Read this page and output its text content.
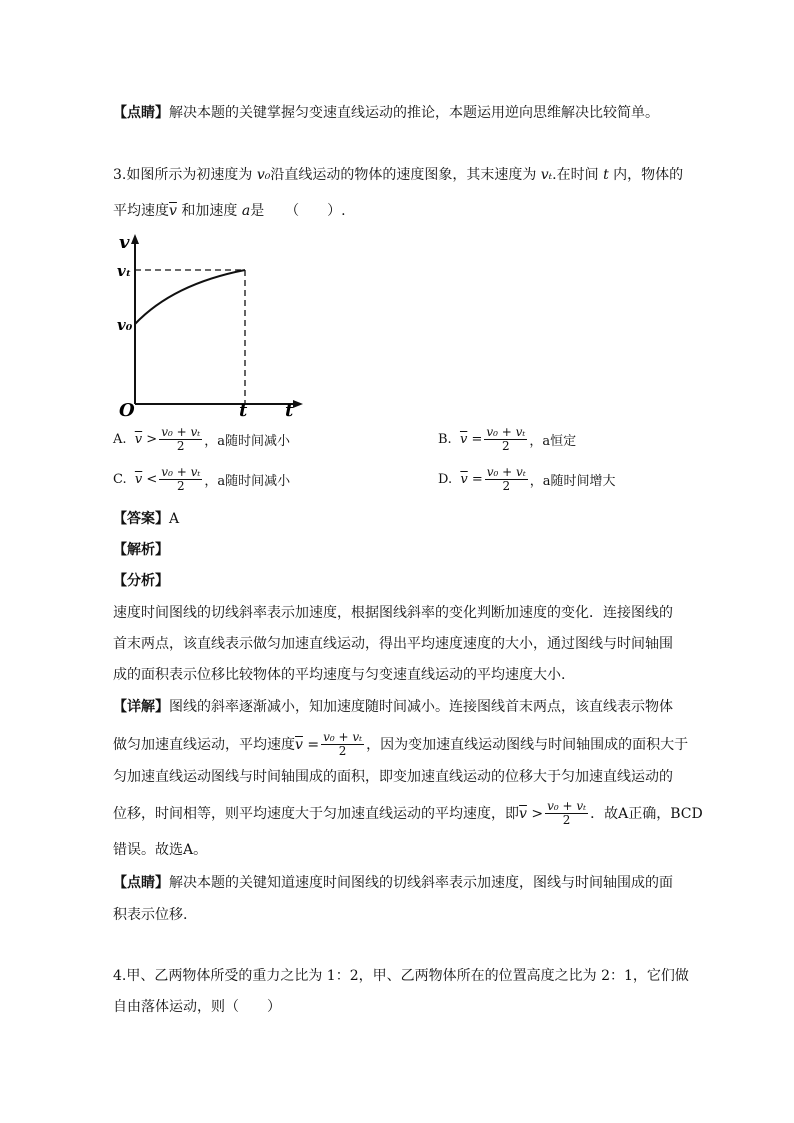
【点睛】解决本题的关键掌握匀变速直线运动的推论，本题运用逆向思维解决比较简单。
3.如图所示为初速度为 v₀沿直线运动的物体的速度图象，其末速度为 vₜ.在时间 t 内，物体的
平均速度$\overline{v}$ 和加速度 a是　　（　　）.
v
vₜ
v₀
O	t t
A.
$\overline{v}$
> $\frac{\text{v₀ + vₜ}}{2}$ ，a随时间减小	B.
$\overline{v}$
= $\frac{\text{v₀ + vₜ}}{2}$ ，a恒定
C.
$\overline{v}$
< $\frac{\text{v₀ + vₜ}}{2}$ ，a随时间减小	D.
$\overline{v}$
= $\frac{\text{v₀ + vₜ}}{2}$ ，a随时间增大
【答案】A
【解析】
【分析】
速度时间图线的切线斜率表示加速度，根据图线斜率的变化判断加速度的变化．连接图线的
首末两点，该直线表示做匀加速直线运动，得出平均速度速度的大小，通过图线与时间轴围
成的面积表示位移比较物体的平均速度与匀变速直线运动的平均速度大小.
【详解】图线的斜率逐渐减小，知加速度随时间减小。连接图线首末两点，该直线表示物体
做匀加速直线运动，平均速度 $\overline{v} = \frac{\text{v₀ + vₜ}}{2}$ ，因为变加速直线运动图线与时间轴围成的面积大于
匀加速直线运动图线与时间轴围成的面积，即变加速直线运动的位移大于匀加速直线运动的
位移，时间相等，则平均速度大于匀加速直线运动的平均速度，即 $\overline{v} > \frac{\text{v₀ + vₜ}}{2}$ ．故A正确，BCD
错误。故选A。
【点睛】解决本题的关键知道速度时间图线的切线斜率表示加速度，图线与时间轴围成的面
积表示位移.
4.甲、乙两物体所受的重力之比为 1：2，甲、乙两物体所在的位置高度之比为 2：1，它们做
自由落体运动，则（　　）
